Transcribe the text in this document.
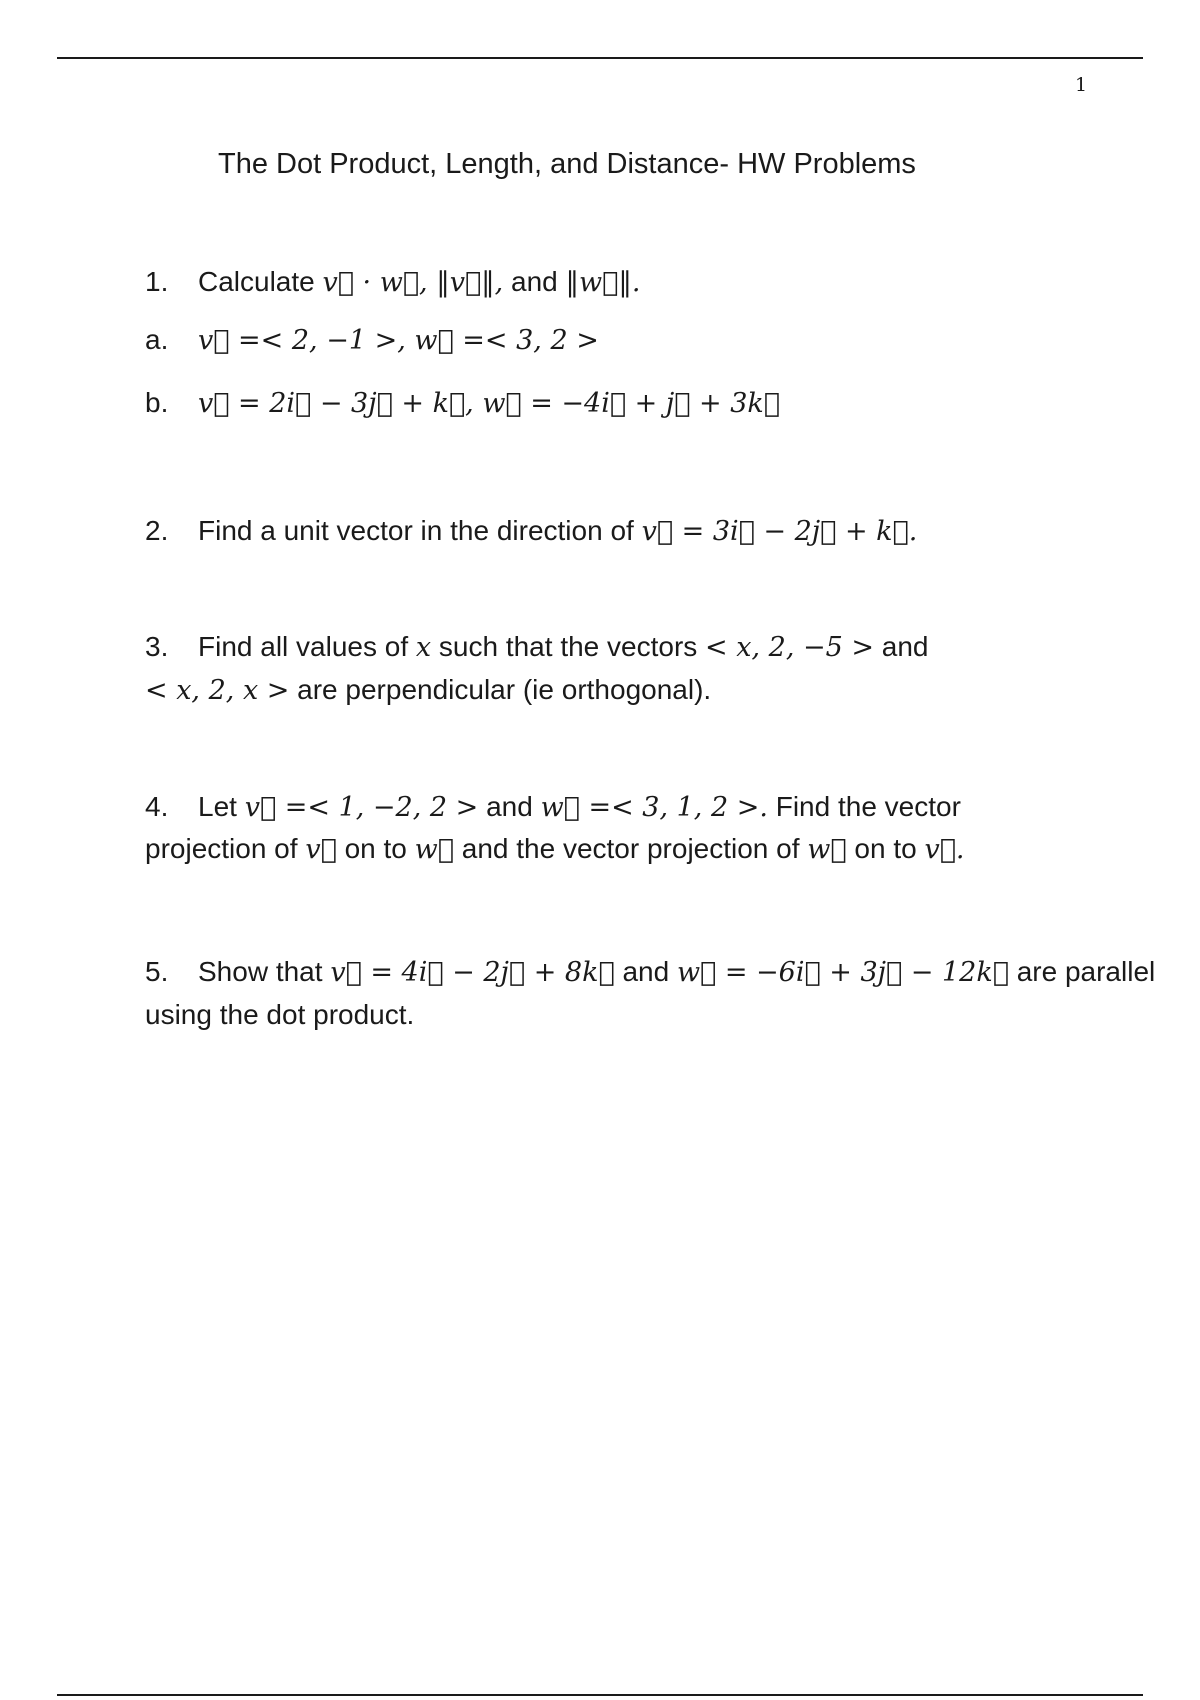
1
The Dot Product, Length, and Distance- HW Problems
1. Calculate v⃗ · w⃗, ‖v⃗‖, and ‖w⃗‖.
a. v⃗ =< 2, −1 >, w⃗ =< 3, 2 >
b. v⃗ = 2i⃗ − 3j⃗ + k⃗, w⃗ = −4i⃗ + j⃗ + 3k⃗
2. Find a unit vector in the direction of v⃗ = 3i⃗ − 2j⃗ + k⃗.
3. Find all values of x such that the vectors < x, 2, −5 > and
< x, 2, x > are perpendicular (ie orthogonal).
4. Let v⃗ =< 1, −2, 2 > and w⃗ =< 3, 1, 2 >. Find the vector
projection of v⃗ on to w⃗ and the vector projection of w⃗ on to v⃗.
5. Show that v⃗ = 4i⃗ − 2j⃗ + 8k⃗ and w⃗ = −6i⃗ + 3j⃗ − 12k⃗ are parallel
using the dot product.
